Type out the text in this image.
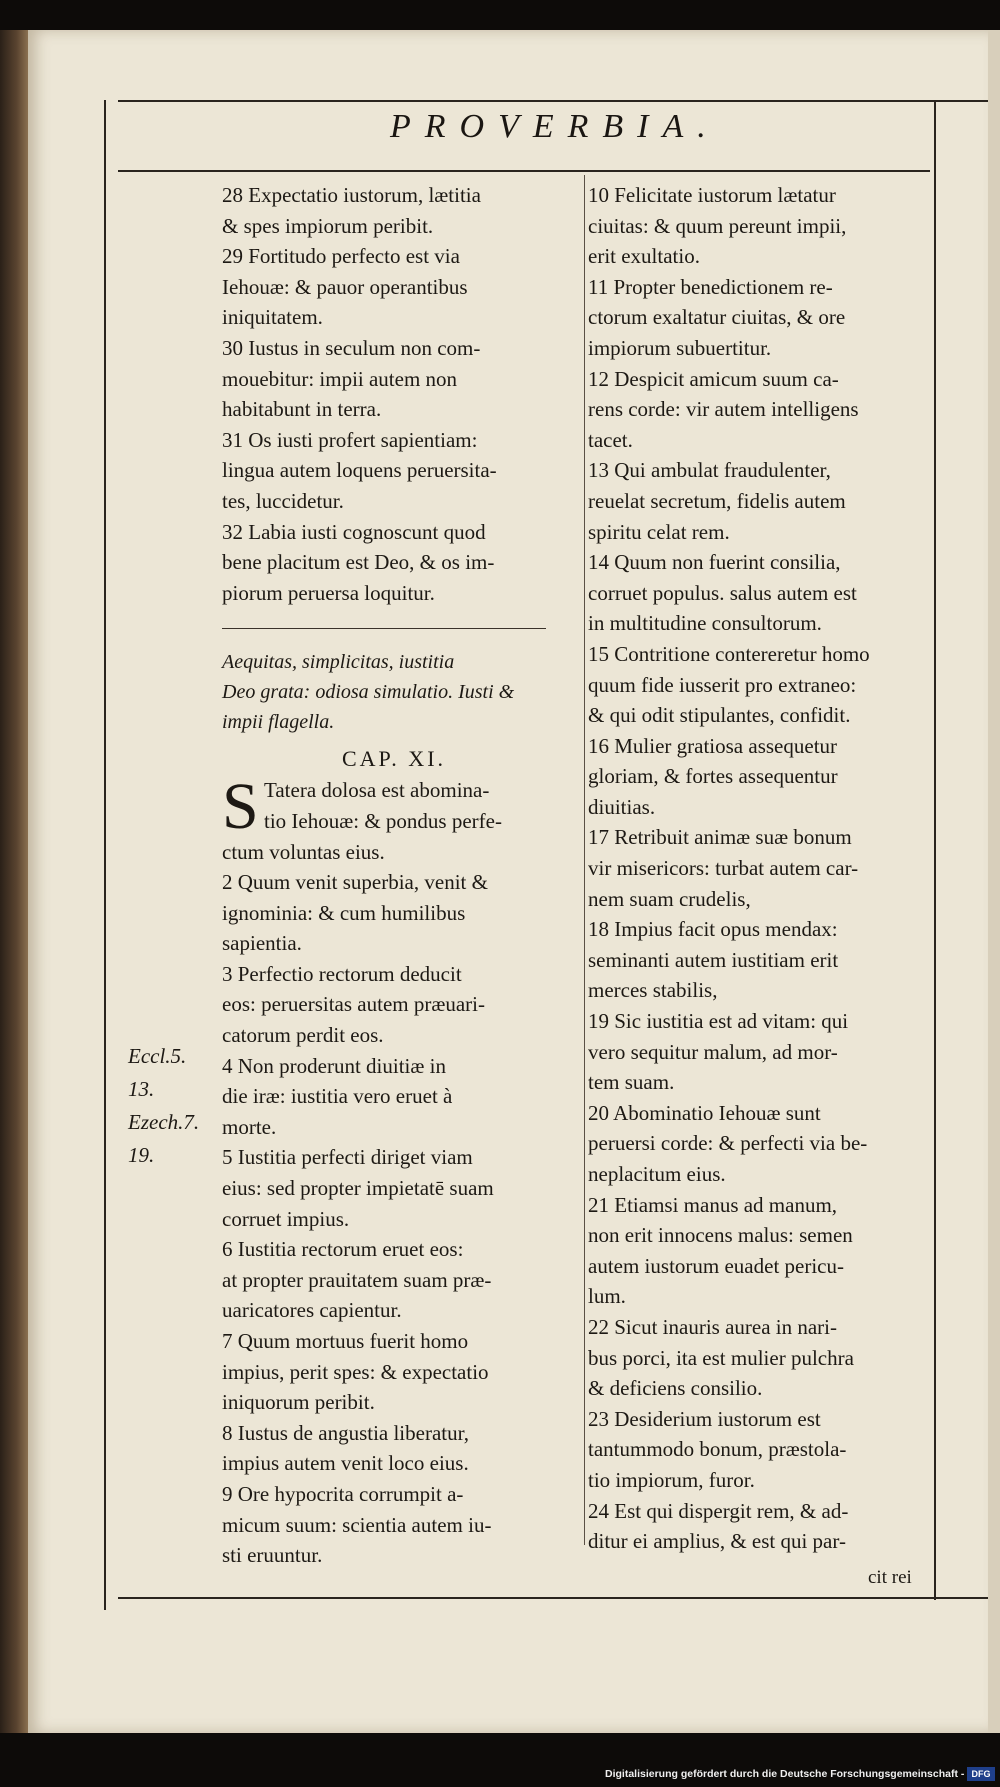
PROVERBIA.
Eccl.5.
13.
Ezech.7.
19.
28 Expectatio iustorum, lætitia
& spes impiorum peribit.
29 Fortitudo perfecto est via
Iehouæ: & pauor operantibus
iniquitatem.
30 Iustus in seculum non com-
mouebitur: impii autem non
habitabunt in terra.
31 Os iusti profert sapientiam:
lingua autem loquens peruersita-
tes, luccidetur.
32 Labia iusti cognoscunt quod
bene placitum est Deo, & os im-
piorum peruersa loquitur.
Aequitas, simplicitas, iustitia
Deo grata: odiosa simulatio. Iusti &
impii flagella.
CAP. XI.
S Tatera dolosa est abomina-
tio Iehouæ: & pondus perfe-
ctum voluntas eius.
2 Quum venit superbia, venit &
ignominia: & cum humilibus
sapientia.
3 Perfectio rectorum deducit
eos: peruersitas autem præuari-
catorum perdit eos.
4 Non proderunt diuitiæ in
die iræ: iustitia vero eruet à
morte.
5 Iustitia perfecti diriget viam
eius: sed propter impietatē suam
corruet impius.
6 Iustitia rectorum eruet eos:
at propter prauitatem suam præ-
uaricatores capientur.
7 Quum mortuus fuerit homo
impius, perit spes: & expectatio
iniquorum peribit.
8 Iustus de angustia liberatur,
impius autem venit loco eius.
9 Ore hypocrita corrumpit a-
micum suum: scientia autem iu-
sti eruuntur.
10 Felicitate iustorum lætatur
ciuitas: & quum pereunt impii,
erit exultatio.
11 Propter benedictionem re-
ctorum exaltatur ciuitas, & ore
impiorum subuertitur.
12 Despicit amicum suum ca-
rens corde: vir autem intelligens
tacet.
13 Qui ambulat fraudulenter,
reuelat secretum, fidelis autem
spiritu celat rem.
14 Quum non fuerint consilia,
corruet populus. salus autem est
in multitudine consultorum.
15 Contritione contereretur homo
quum fide iusserit pro extraneo:
& qui odit stipulantes, confidit.
16 Mulier gratiosa assequetur
gloriam, & fortes assequentur
diuitias.
17 Retribuit animæ suæ bonum
vir misericors: turbat autem car-
nem suam crudelis,
18 Impius facit opus mendax:
seminanti autem iustitiam erit
merces stabilis,
19 Sic iustitia est ad vitam: qui
vero sequitur malum, ad mor-
tem suam.
20 Abominatio Iehouæ sunt
peruersi corde: & perfecti via be-
neplacitum eius.
21 Etiamsi manus ad manum,
non erit innocens malus: semen
autem iustorum euadet pericu-
lum.
22 Sicut inauris aurea in nari-
bus porci, ita est mulier pulchra
& deficiens consilio.
23 Desiderium iustorum est
tantummodo bonum, præstola-
tio impiorum, furor.
24 Est qui dispergit rem, & ad-
ditur ei amplius, & est qui par-
cit rei
Digitalisierung gefördert durch die Deutsche Forschungsgemeinschaft - DFG
